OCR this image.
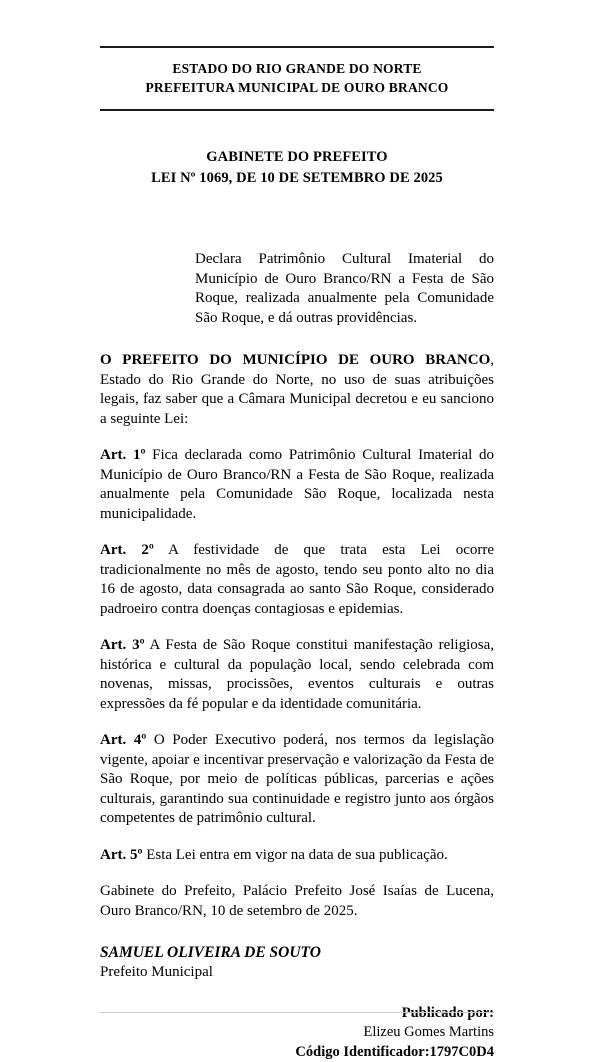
ESTADO DO RIO GRANDE DO NORTE
PREFEITURA MUNICIPAL DE OURO BRANCO
GABINETE DO PREFEITO
LEI Nº 1069, DE 10 DE SETEMBRO DE 2025
Declara Patrimônio Cultural Imaterial do Município de Ouro Branco/RN a Festa de São Roque, realizada anualmente pela Comunidade São Roque, e dá outras providências.
O PREFEITO DO MUNICÍPIO DE OURO BRANCO, Estado do Rio Grande do Norte, no uso de suas atribuições legais, faz saber que a Câmara Municipal decretou e eu sanciono a seguinte Lei:
Art. 1º Fica declarada como Patrimônio Cultural Imaterial do Município de Ouro Branco/RN a Festa de São Roque, realizada anualmente pela Comunidade São Roque, localizada nesta municipalidade.
Art. 2º A festividade de que trata esta Lei ocorre tradicionalmente no mês de agosto, tendo seu ponto alto no dia 16 de agosto, data consagrada ao santo São Roque, considerado padroeiro contra doenças contagiosas e epidemias.
Art. 3º A Festa de São Roque constitui manifestação religiosa, histórica e cultural da população local, sendo celebrada com novenas, missas, procissões, eventos culturais e outras expressões da fé popular e da identidade comunitária.
Art. 4º O Poder Executivo poderá, nos termos da legislação vigente, apoiar e incentivar preservação e valorização da Festa de São Roque, por meio de políticas públicas, parcerias e ações culturais, garantindo sua continuidade e registro junto aos órgãos competentes de patrimônio cultural.
Art. 5º Esta Lei entra em vigor na data de sua publicação.
Gabinete do Prefeito, Palácio Prefeito José Isaías de Lucena, Ouro Branco/RN, 10 de setembro de 2025.
SAMUEL OLIVEIRA DE SOUTO
Prefeito Municipal
Publicado por:
Elizeu Gomes Martins
Código Identificador:1797C0D4
